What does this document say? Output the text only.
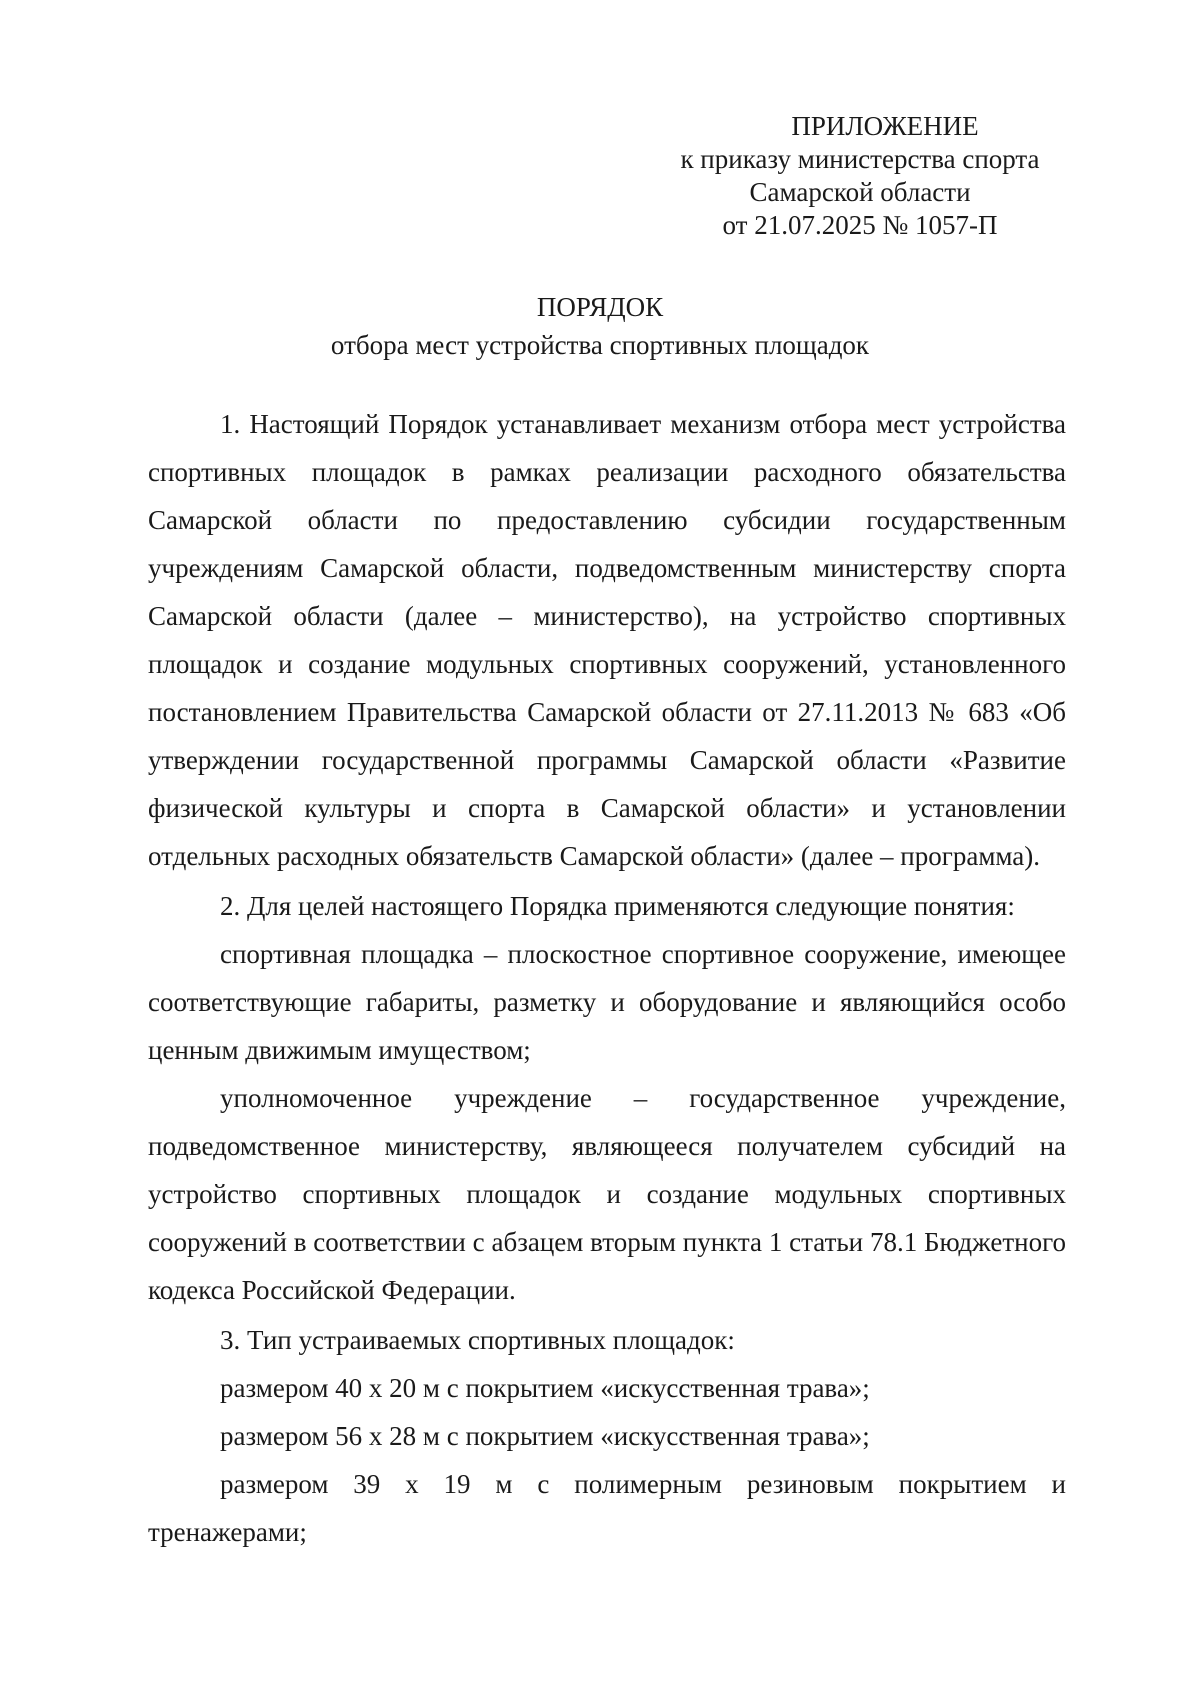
ПРИЛОЖЕНИЕ
к приказу министерства спорта
Самарской области
от 21.07.2025 № 1057-П
ПОРЯДОК
отбора мест устройства спортивных площадок

1. Настоящий Порядок устанавливает механизм отбора мест устройства спортивных площадок в рамках реализации расходного обязательства Самарской области по предоставлению субсидии государственным учреждениям Самарской области, подведомственным министерству спорта Самарской области (далее – министерство), на устройство спортивных площадок и создание модульных спортивных сооружений, установленного постановлением Правительства Самарской области от 27.11.2013 № 683 «Об утверждении государственной программы Самарской области «Развитие физической культуры и спорта в Самарской области» и установлении отдельных расходных обязательств Самарской области» (далее – программа).

2. Для целей настоящего Порядка применяются следующие понятия:

спортивная площадка – плоскостное спортивное сооружение, имеющее соответствующие габариты, разметку и оборудование и являющийся особо ценным движимым имуществом;

уполномоченное учреждение – государственное учреждение, подведомственное министерству, являющееся получателем субсидий на устройство спортивных площадок и создание модульных спортивных сооружений в соответствии с абзацем вторым пункта 1 статьи 78.1 Бюджетного кодекса Российской Федерации.

3. Тип устраиваемых спортивных площадок:

размером 40 x 20 м с покрытием «искусственная трава»;

размером 56 x 28 м с покрытием «искусственная трава»;

размером 39 x 19 м с полимерным резиновым покрытием и тренажерами;
